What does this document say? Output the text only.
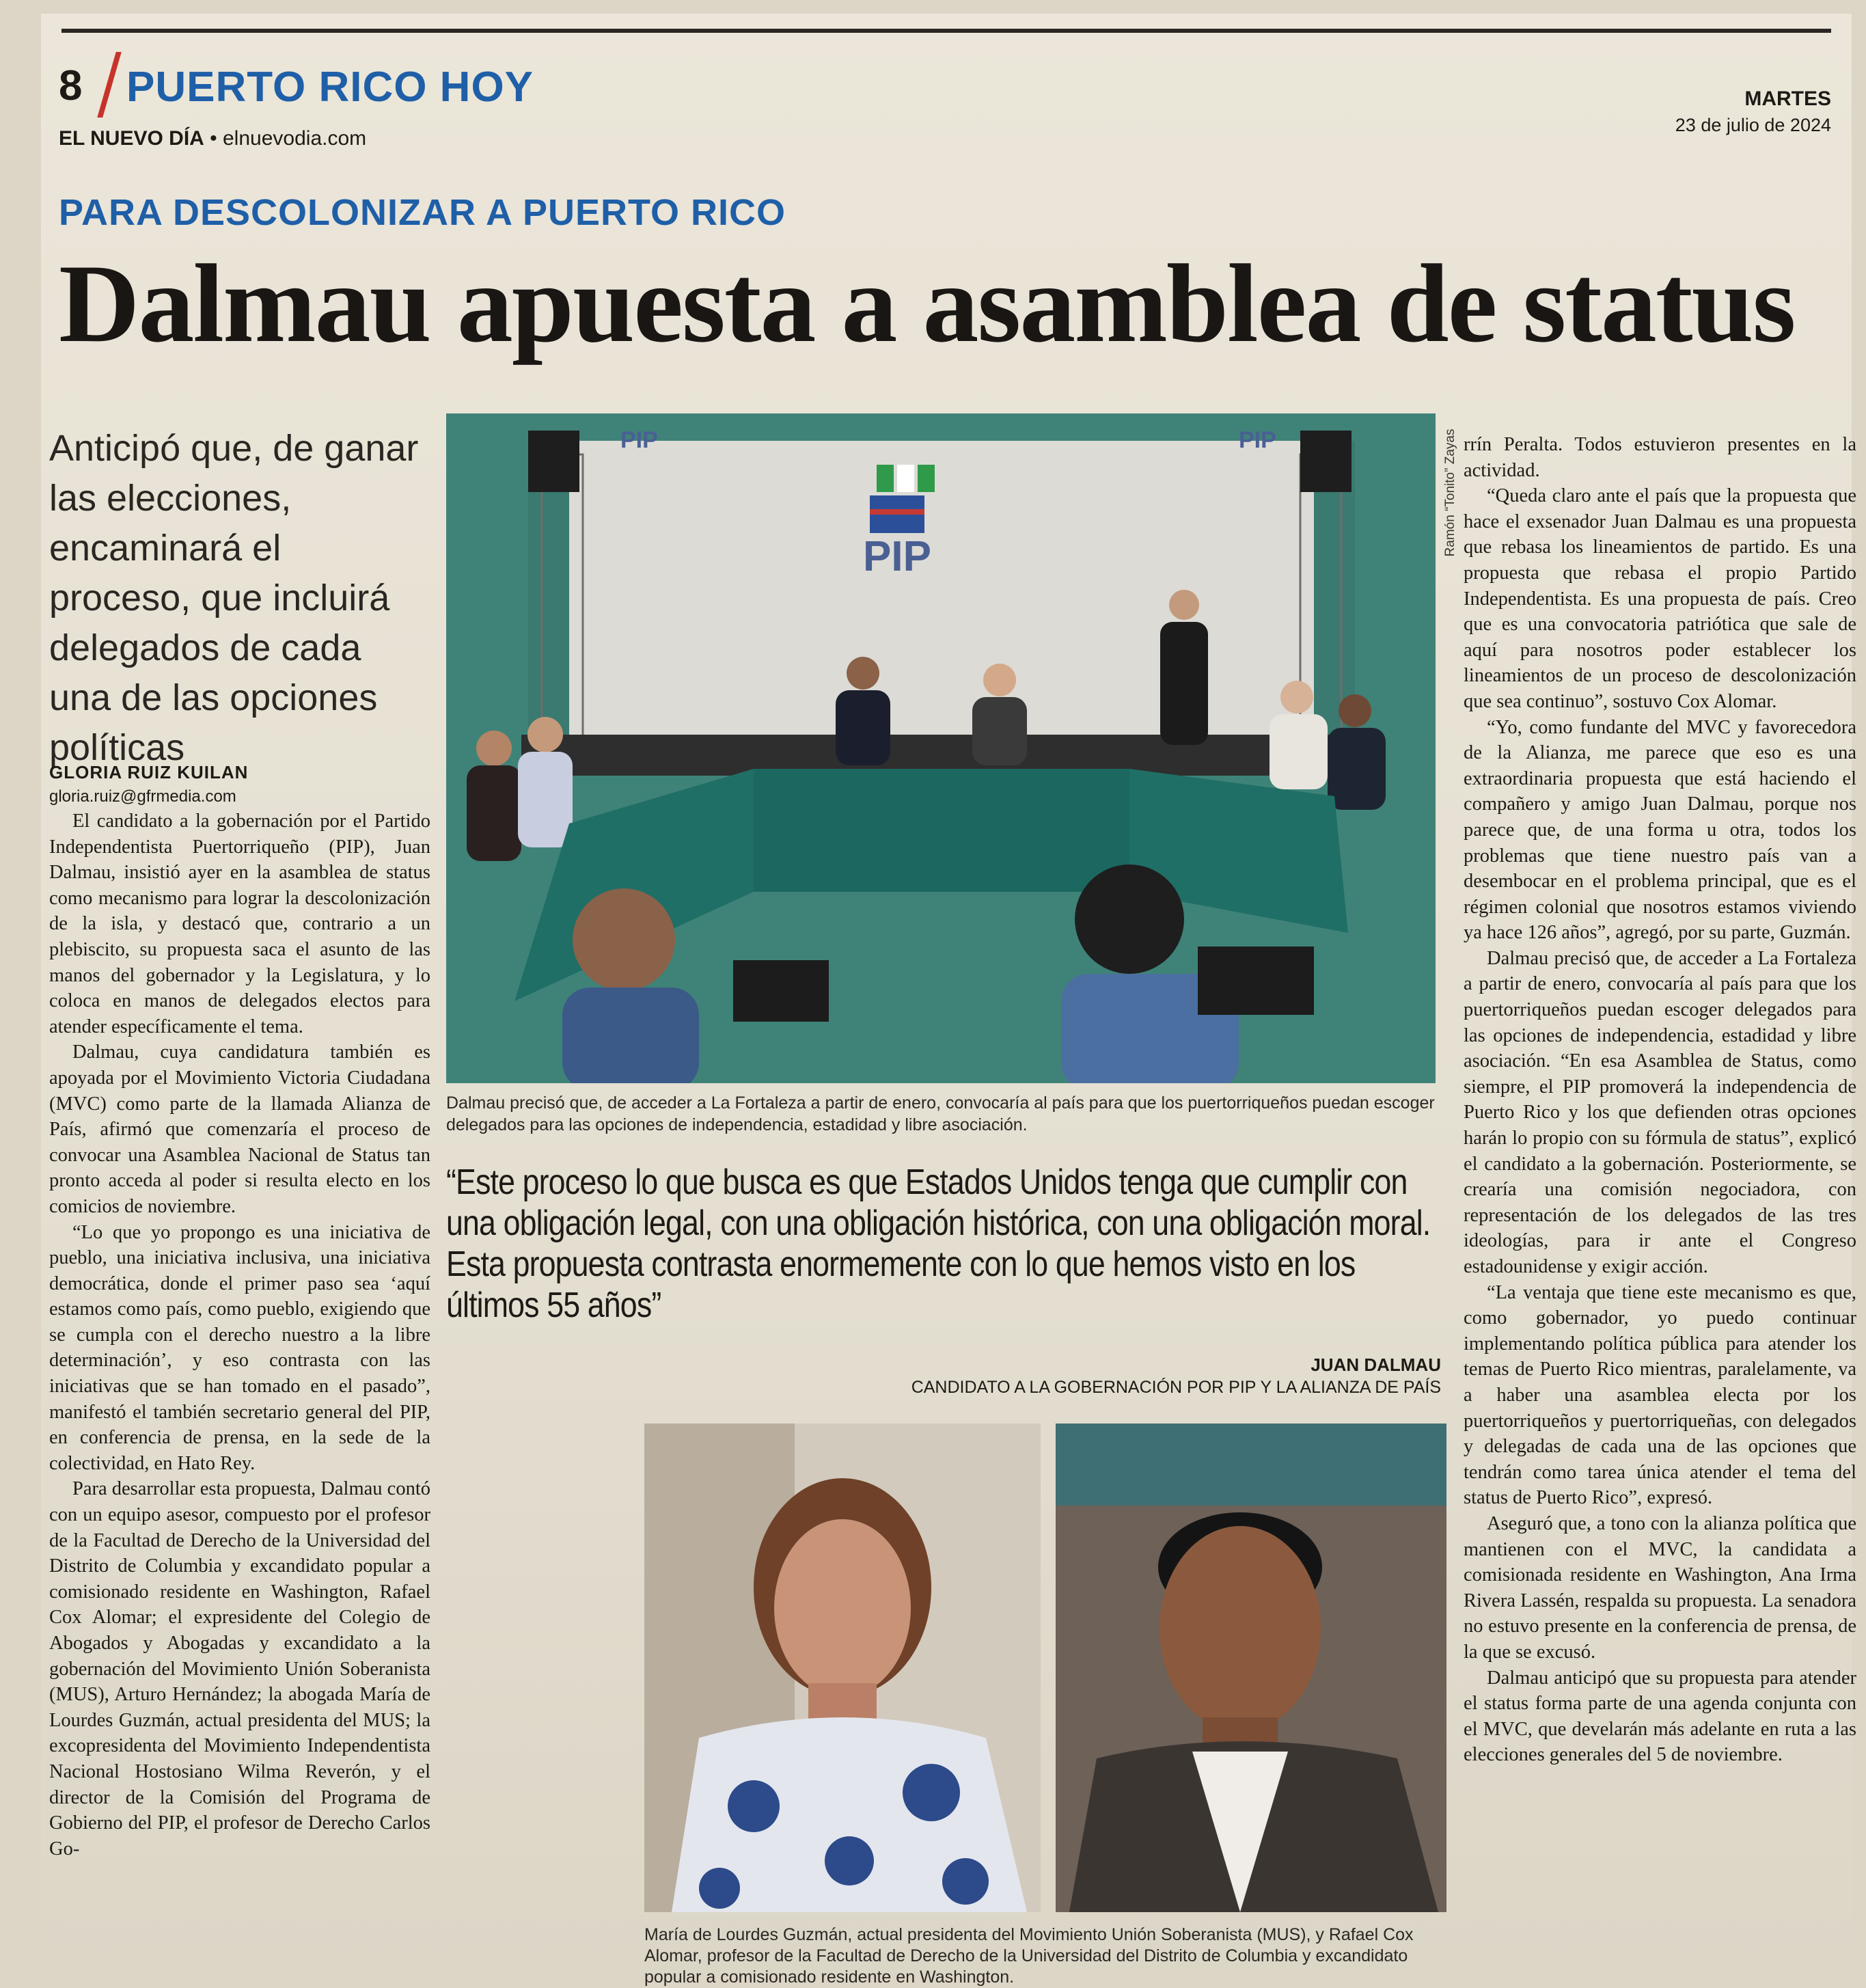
8 PUERTO RICO HOY
EL NUEVO DÍA • elnuevodia.com
MARTES
23 de julio de 2024
PARA DESCOLONIZAR A PUERTO RICO
Dalmau apuesta a asamblea de status
Anticipó que, de ganar las elecciones, encaminará el proceso, que incluirá delegados de cada una de las opciones políticas
GLORIA RUIZ KUILAN
gloria.ruiz@gfrmedia.com

El candidato a la gobernación por el Partido Independentista Puertorriqueño (PIP), Juan Dalmau, insistió ayer en la asamblea de status como mecanismo para lograr la descolonización de la isla, y destacó que, contrario a un plebiscito, su propuesta saca el asunto de las manos del gobernador y la Legislatura, y lo coloca en manos de delegados electos para atender específicamente el tema.

Dalmau, cuya candidatura también es apoyada por el Movimiento Victoria Ciudadana (MVC) como parte de la llamada Alianza de País, afirmó que comenzaría el proceso de convocar una Asamblea Nacional de Status tan pronto acceda al poder si resulta electo en los comicios de noviembre.

“Lo que yo propongo es una iniciativa de pueblo, una iniciativa inclusiva, una iniciativa democrática, donde el primer paso sea ‘aquí estamos como país, como pueblo, exigiendo que se cumpla con el derecho nuestro a la libre determinación’, y eso contrasta con las iniciativas que se han tomado en el pasado”, manifestó el también secretario general del PIP, en conferencia de prensa, en la sede de la colectividad, en Hato Rey.

Para desarrollar esta propuesta, Dalmau contó con un equipo asesor, compuesto por el profesor de la Facultad de Derecho de la Universidad del Distrito de Columbia y excandidato popular a comisionado residente en Washington, Rafael Cox Alomar; el expresidente del Colegio de Abogados y Abogadas y excandidato a la gobernación del Movimiento Unión Soberanista (MUS), Arturo Hernández; la abogada María de Lourdes Guzmán, actual presidenta del MUS; la excopresidenta del Movimiento Independentista Nacional Hostosiano Wilma Reverón, y el director de la Comisión del Programa de Gobierno del PIP, el profesor de Derecho Carlos Go-

PIP
PIP	PIP	Ramón “Tonito” Zayas
Dalmau precisó que, de acceder a La Fortaleza a partir de enero, convocaría al país para que los puertorriqueños puedan escoger delegados para las opciones de independencia, estadidad y libre asociación.
“Este proceso lo que busca es que Estados Unidos tenga que cumplir con una obligación legal, con una obligación histórica, con una obligación moral. Esta propuesta contrasta enormemente con lo que hemos visto en los últimos 55 años”
JUAN DALMAU
CANDIDATO A LA GOBERNACIÓN POR PIP Y LA ALIANZA DE PAÍS
María de Lourdes Guzmán, actual presidenta del Movimiento Unión Soberanista (MUS), y Rafael Cox Alomar, profesor de la Facultad de Derecho de la Universidad del Distrito de Columbia y excandidato popular a comisionado residente en Washington.

rrín Peralta. Todos estuvieron presentes en la actividad.

“Queda claro ante el país que la propuesta que hace el exsenador Juan Dalmau es una propuesta que rebasa los lineamientos de partido. Es una propuesta que rebasa el propio Partido Independentista. Es una propuesta de país. Creo que es una convocatoria patriótica que sale de aquí para nosotros poder establecer los lineamientos de un proceso de descolonización que sea continuo”, sostuvo Cox Alomar.

“Yo, como fundante del MVC y favorecedora de la Alianza, me parece que eso es una extraordinaria propuesta que está haciendo el compañero y amigo Juan Dalmau, porque nos parece que, de una forma u otra, todos los problemas que tiene nuestro país van a desembocar en el problema principal, que es el régimen colonial que nosotros estamos viviendo ya hace 126 años”, agregó, por su parte, Guzmán.

Dalmau precisó que, de acceder a La Fortaleza a partir de enero, convocaría al país para que los puertorriqueños puedan escoger delegados para las opciones de independencia, estadidad y libre asociación. “En esa Asamblea de Status, como siempre, el PIP promoverá la independencia de Puerto Rico y los que defienden otras opciones harán lo propio con su fórmula de status”, explicó el candidato a la gobernación. Posteriormente, se crearía una comisión negociadora, con representación de los delegados de las tres ideologías, para ir ante el Congreso estadounidense y exigir acción.

“La ventaja que tiene este mecanismo es que, como gobernador, yo puedo continuar implementando política pública para atender los temas de Puerto Rico mientras, paralelamente, va a haber una asamblea electa por los puertorriqueños y puertorriqueñas, con delegados y delegadas de cada una de las opciones que tendrán como tarea única atender el tema del status de Puerto Rico”, expresó.

Aseguró que, a tono con la alianza política que mantienen con el MVC, la candidata a comisionada residente en Washington, Ana Irma Rivera Lassén, respalda su propuesta. La senadora no estuvo presente en la conferencia de prensa, de la que se excusó.

Dalmau anticipó que su propuesta para atender el status forma parte de una agenda conjunta con el MVC, que develarán más adelante en ruta a las elecciones generales del 5 de noviembre.
